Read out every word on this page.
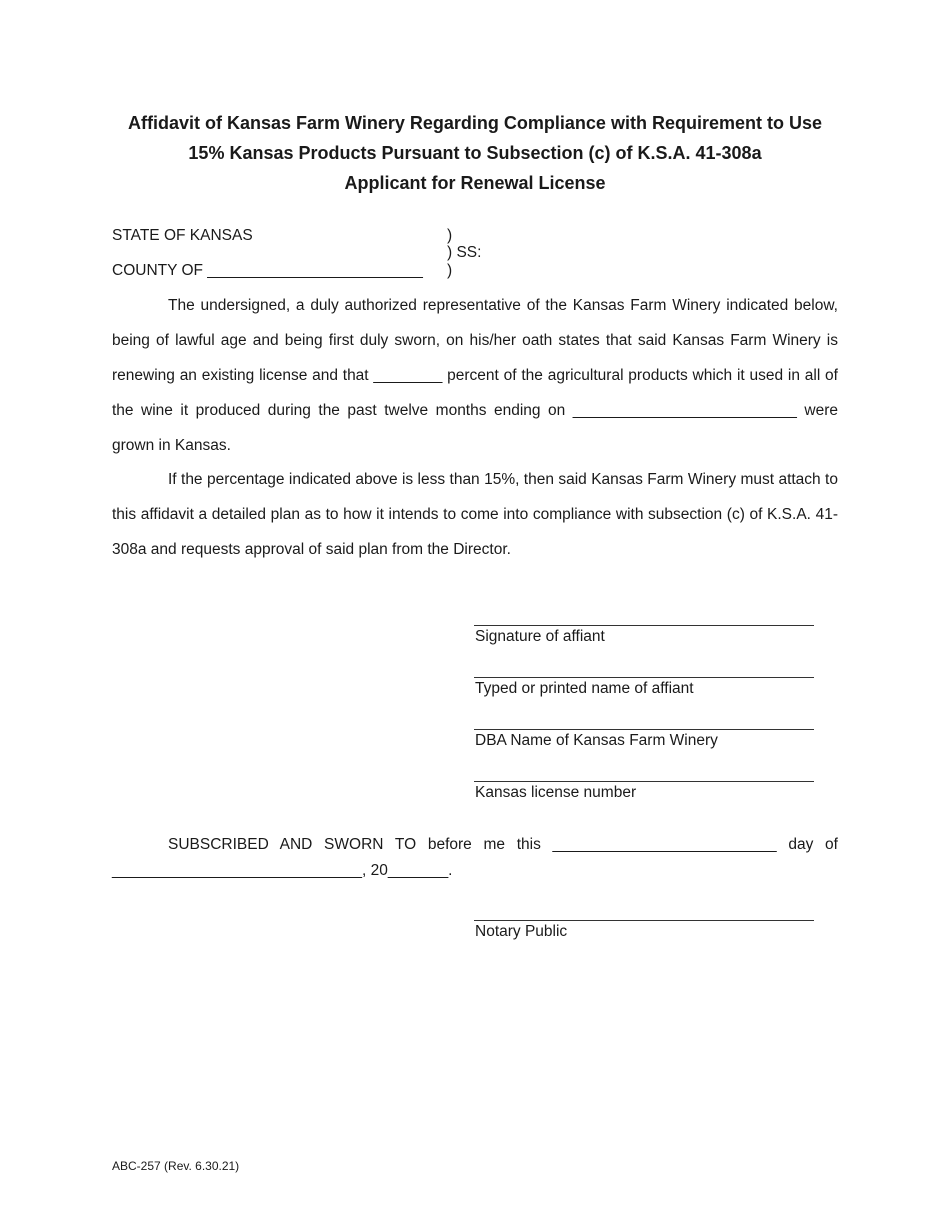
Affidavit of Kansas Farm Winery Regarding Compliance with Requirement to Use
15% Kansas Products Pursuant to Subsection (c) of K.S.A. 41-308a
Applicant for Renewal License
STATE OF KANSAS
COUNTY OF _________________________
)
) SS:
)
The undersigned, a duly authorized representative of the Kansas Farm Winery indicated below, being of lawful age and being first duly sworn, on his/her oath states that said Kansas Farm Winery is renewing an existing license and that ________ percent of the agricultural products which it used in all of the wine it produced during the past twelve months ending on __________________________ were grown in Kansas.
If the percentage indicated above is less than 15%, then said Kansas Farm Winery must attach to this affidavit a detailed plan as to how it intends to come into compliance with subsection (c) of K.S.A. 41-308a and requests approval of said plan from the Director.
Signature of affiant
Typed or printed name of affiant
DBA Name of Kansas Farm Winery
Kansas license number
SUBSCRIBED AND SWORN TO before me this __________________________ day of
_____________________________, 20_______.
Notary Public
ABC-257 (Rev. 6.30.21)
